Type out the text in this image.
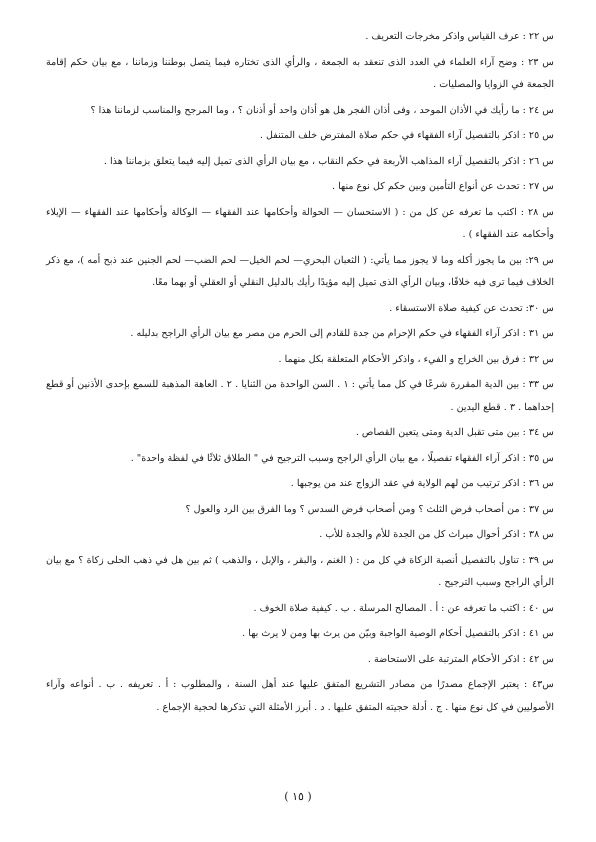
س ٢٢ : عرف القياس واذكر مخرجات التعريف .

س ٢٣ : وضح آراء العلماء في العدد الذى تنعقد به الجمعة ، والرأي الذى تختاره فيما يتصل بوطننا وزماننا ، مع بيان حكم إقامة الجمعة في الزوايا والمصليات .

س ٢٤ : ما رأيك في الأذان الموحد ، وفى أذان الفجر هل هو أذان واحد أو أذنان ؟ ، وما المرجح والمناسب لزماننا هذا ؟

س ٢٥ : اذكر بالتفصيل آراء الفقهاء في حكم صلاة المفترض خلف المتنفل .

س ٢٦ : اذكر بالتفصيل آراء المذاهب الأربعة في حكم النقاب ، مع بيان الرأي الذى تميل إليه فيما يتعلق بزماننا هذا .

س ٢٧ : تحدث عن أنواع التأمين وبين حكم كل نوع منها .

س ٢٨ : اكتب ما تعرفه عن كل من : ( الاستحسان — الحوالة وأحكامها عند الفقهاء — الوكالة وأحكامها عند الفقهاء — الإيلاء وأحكامه عند الفقهاء ) .

س ٢٩: بين ما يجوز أكله وما لا يجوز مما يأتي: ( الثعبان البحري— لحم الخيل— لحم الضب— لحم الجنين عند ذبح أمه )، مع ذكر الخلاف فيما ترى فيه خلافًا، وبيان الرأي الذى تميل إليه مؤيدًا رأيك بالدليل النقلي أو العقلي أو بهما معًا.

س ٣٠: تحدث عن كيفية صلاة الاستسقاء .

س ٣١ : اذكر آراء الفقهاء في حكم الإحرام من جدة للقادم إلى الحرم من مصر مع بيان الرأي الراجح بدليله .

س ٣٢ : فرق بين الخراج و الفيء ، واذكر الأحكام المتعلقة بكل منهما .

س ٣٣ : بين الدية المقررة شرعًا في كل مما يأتي : ١ . السن الواحدة من الثنايا . ٢ . العاهة المذهبة للسمع بإحدى الأذنين أو قطع إحداهما . ٣ . قطع اليدين .

س ٣٤ : بين متى تقبل الدية ومتى يتعين القصاص .

س ٣٥ : اذكر آراء الفقهاء تفصيلًا ، مع بيان الرأي الراجح وسبب الترجيح في " الطلاق ثلاثًا في لفظة واحدة" .

س ٣٦ : اذكر ترتيب من لهم الولاية في عقد الزواج عند من يوجبها .

س ٣٧ : من أصحاب فرض الثلث ؟ ومن أصحاب فرض السدس ؟ وما الفرق بين الرد والعول ؟

س ٣٨ : اذكر أحوال ميراث كل من الجدة للأم والجدة للأب .

س ٣٩ : تناول بالتفصيل أنصبة الزكاة في كل من : ( الغنم ، والبقر ، والإبل ، والذهب ) ثم بين هل في ذهب الحلى زكاة ؟ مع بيان الرأي الراجح وسبب الترجيح .

س ٤٠ : اكتب ما تعرفه عن : أ . المصالح المرسلة . ب . كيفية صلاة الخوف .

س ٤١ : اذكر بالتفصيل أحكام الوصية الواجبة وبيّن من يرث بها ومن لا يرث بها .

س ٤٢ : اذكر الأحكام المترتبة على الاستحاضة .

س٤٣ : يعتبر الإجماع مصدرًا من مصادر التشريع المتفق عليها عند أهل السنة ، والمطلوب : أ . تعريفه . ب . أنواعه وآراء الأصوليين في كل نوع منها . ج . أدلة حجيته المتفق عليها . د . أبرز الأمثلة التي تذكرها لحجية الإجماع .

( ١٥ )
